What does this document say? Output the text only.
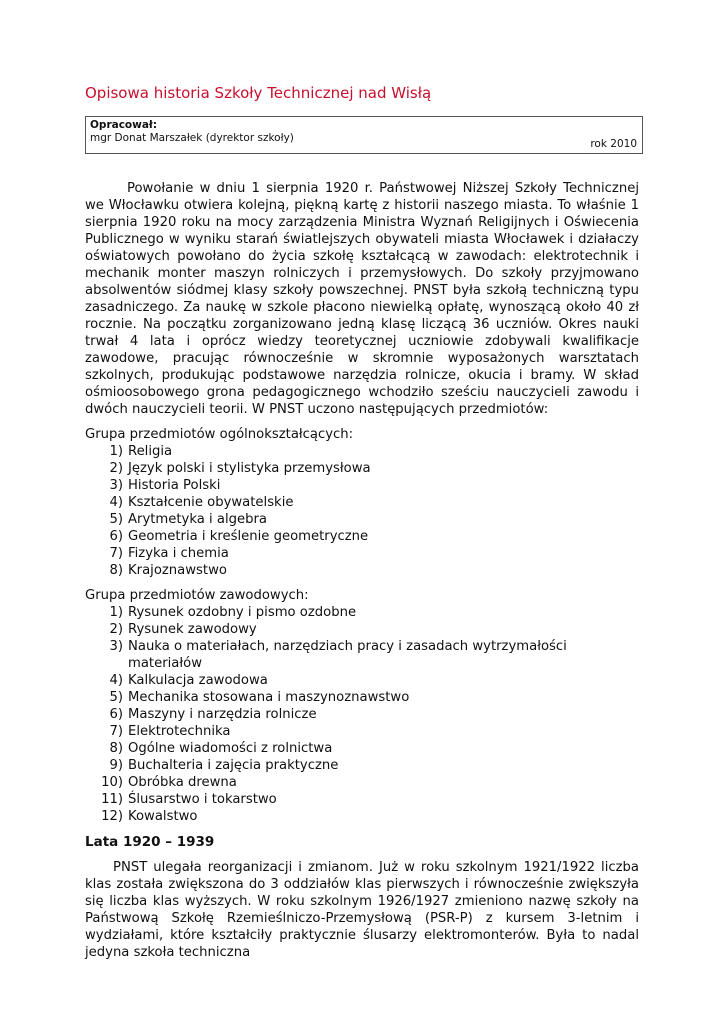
Opisowa historia Szkoły Technicznej nad Wisłą
Opracował:
mgr Donat Marszałek (dyrektor szkoły)	rok 2010

Powołanie w dniu 1 sierpnia 1920 r. Państwowej Niższej Szkoły Technicznej we Włocławku otwiera kolejną, piękną kartę z historii naszego miasta. To właśnie 1 sierpnia 1920 roku na mocy zarządzenia Ministra Wyznań Religijnych i Oświecenia Publicznego w wyniku starań światlejszych obywateli miasta Włocławek i działaczy oświatowych powołano do życia szkołę kształcącą w zawodach: elektrotechnik i mechanik monter maszyn rolniczych i przemysłowych. Do szkoły przyjmowano absolwentów siódmej klasy szkoły powszechnej. PNST była szkołą techniczną typu zasadniczego. Za naukę w szkole płacono niewielką opłatę, wynoszącą około 40 zł rocznie. Na początku zorganizowano jedną klasę liczącą 36 uczniów. Okres nauki trwał 4 lata i oprócz wiedzy teoretycznej uczniowie zdobywali kwalifikacje zawodowe, pracując równocześnie w skromnie wyposażonych warsztatach szkolnych, produkując podstawowe narzędzia rolnicze, okucia i bramy. W skład ośmioosobowego grona pedagogicznego wchodziło sześciu nauczycieli zawodu i dwóch nauczycieli teorii. W PNST uczono następujących przedmiotów:

Grupa przedmiotów ogólnokształcących:
1) Religia
2) Język polski i stylistyka przemysłowa
3) Historia Polski
4) Kształcenie obywatelskie
5) Arytmetyka i algebra
6) Geometria i kreślenie geometryczne
7) Fizyka i chemia
8) Krajoznawstwo
Grupa przedmiotów zawodowych:
1) Rysunek ozdobny i pismo ozdobne
2) Rysunek zawodowy
3) Nauka o materiałach, narzędziach pracy i zasadach wytrzymałości materiałów
4) Kalkulacja zawodowa
5) Mechanika stosowana i maszynoznawstwo
6) Maszyny i narzędzia rolnicze
7) Elektrotechnika
8) Ogólne wiadomości z rolnictwa
9) Buchalteria i zajęcia praktyczne
10) Obróbka drewna
11) Ślusarstwo i tokarstwo
12) Kowalstwo
Lata 1920 – 1939

PNST ulegała reorganizacji i zmianom. Już w roku szkolnym 1921/1922 liczba klas została zwiększona do 3 oddziałów klas pierwszych i równocześnie zwiększyła się liczba klas wyższych. W roku szkolnym 1926/1927 zmieniono nazwę szkoły na Państwową Szkołę Rzemieślniczo-Przemysłową (PSR-P) z kursem 3-letnim i wydziałami, które kształciły praktycznie ślusarzy elektromonterów. Była to nadal jedyna szkoła techniczna
